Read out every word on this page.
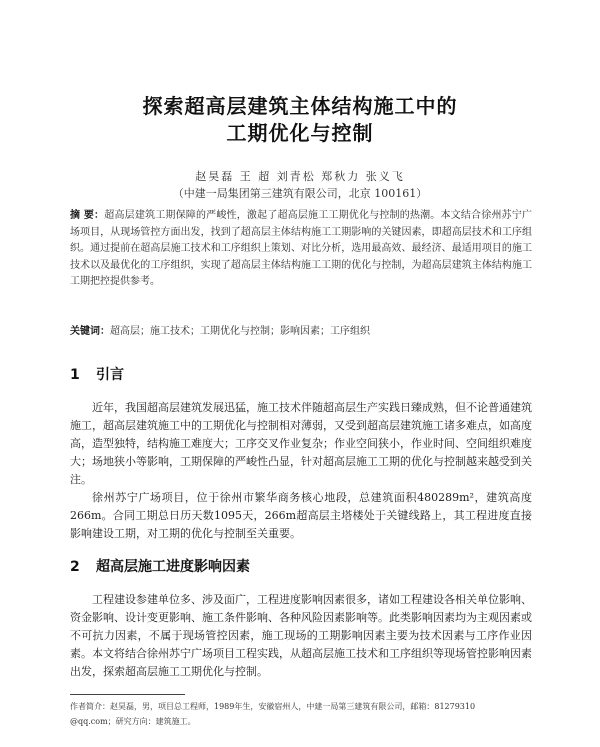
探索超高层建筑主体结构施工中的
工期优化与控制
赵昊磊 王 超 刘青松 郑秋力 张义飞
（中建一局集团第三建筑有限公司，北京 100161）
摘 要：超高层建筑工期保障的严峻性，激起了超高层施工工期优化与控制的热潮。本文结合徐州苏宁广场项目，从现场管控方面出发，找到了超高层主体结构施工工期影响的关键因素，即超高层技术和工序组织。通过提前在超高层施工技术和工序组织上策划、对比分析，选用最高效、最经济、最适用项目的施工技术以及最优化的工序组织，实现了超高层主体结构施工工期的优化与控制，为超高层建筑主体结构施工工期把控提供参考。
关键词：超高层；施工技术；工期优化与控制；影响因素；工序组织
1 引言

近年，我国超高层建筑发展迅猛，施工技术伴随超高层生产实践日臻成熟，但不论普通建筑施工，超高层建筑施工中的工期优化与控制相对薄弱，又受到超高层建筑施工诸多难点，如高度高，造型独特，结构施工难度大；工序交叉作业复杂；作业空间狭小，作业时间、空间组织难度大；场地狭小等影响，工期保障的严峻性凸显，针对超高层施工工期的优化与控制越来越受到关注。

徐州苏宁广场项目，位于徐州市繁华商务核心地段，总建筑面积480289m²，建筑高度266m。合同工期总日历天数1095天，266m超高层主塔楼处于关键线路上，其工程进度直接影响建设工期，对工期的优化与控制至关重要。

2 超高层施工进度影响因素

工程建设参建单位多、涉及面广，工程进度影响因素很多，诸如工程建设各相关单位影响、资金影响、设计变更影响、施工条件影响、各种风险因素影响等。此类影响因素均为主观因素或不可抗力因素，不属于现场管控因素，施工现场的工期影响因素主要为技术因素与工序作业因素。本文将结合徐州苏宁广场项目工程实践，从超高层施工技术和工序组织等现场管控影响因素出发，探索超高层施工工期优化与控制。

作者简介：赵昊磊，男，项目总工程师，1989年生，安徽宿州人，中建一局第三建筑有限公司，邮箱：81279310
@qq.com；研究方向：建筑施工。
